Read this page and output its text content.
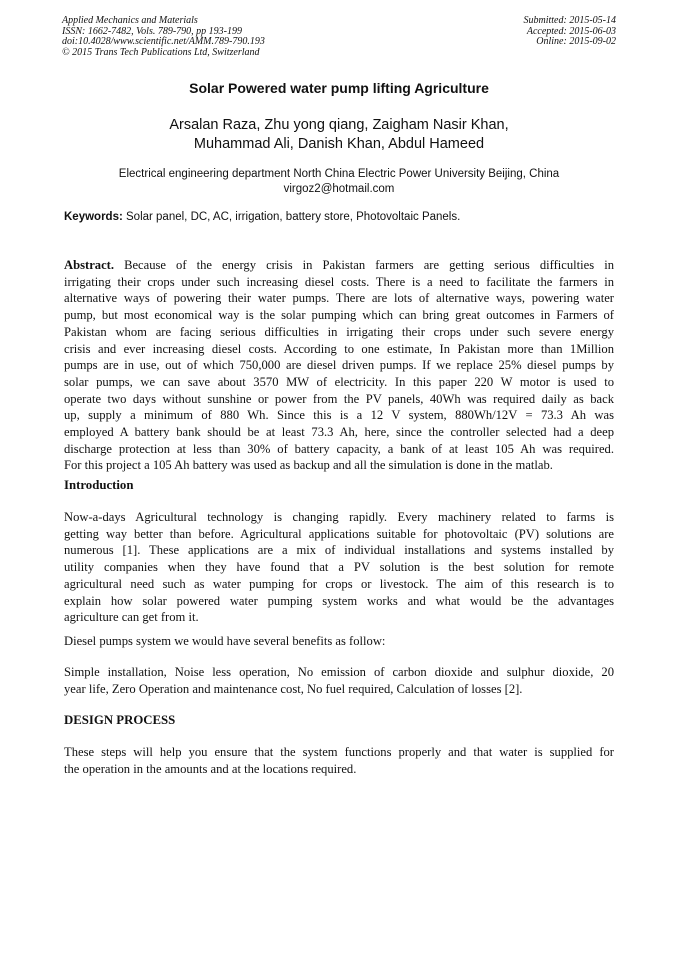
Applied Mechanics and Materials
ISSN: 1662-7482, Vols. 789-790, pp 193-199
doi:10.4028/www.scientific.net/AMM.789-790.193
© 2015 Trans Tech Publications Ltd, Switzerland
Submitted: 2015-05-14
Accepted: 2015-06-03
Online: 2015-09-02
Solar Powered water pump lifting Agriculture
Arsalan Raza, Zhu yong qiang, Zaigham Nasir Khan,
Muhammad Ali, Danish Khan, Abdul Hameed
Electrical engineering department North China Electric Power University Beijing, China
virgoz2@hotmail.com
Keywords: Solar panel, DC, AC, irrigation, battery store, Photovoltaic Panels.
Abstract. Because of the energy crisis in Pakistan farmers are getting serious difficulties in
irrigating their crops under such increasing diesel costs. There is a need to facilitate the farmers in
alternative ways of powering their water pumps. There are lots of alternative ways, powering water
pump, but most economical way is the solar pumping which can bring great outcomes in Farmers of
Pakistan whom are facing serious difficulties in irrigating their crops under such severe energy
crisis and ever increasing diesel costs. According to one estimate, In Pakistan more than 1Million
pumps are in use, out of which 750,000 are diesel driven pumps. If we replace 25% diesel pumps by
solar pumps, we can save about 3570 MW of electricity. In this paper 220 W motor is used to
operate two days without sunshine or power from the PV panels, 40Wh was required daily as back
up, supply a minimum of 880 Wh. Since this is a 12 V system, 880Wh/12V = 73.3 Ah was
employed A battery bank should be at least 73.3 Ah, here, since the controller selected had a deep
discharge protection at less than 30% of battery capacity, a bank of at least 105 Ah was required.
For this project a 105 Ah battery was used as backup and all the simulation is done in the matlab.
Introduction
Now-a-days Agricultural technology is changing rapidly. Every machinery related to farms is
getting way better than before. Agricultural applications suitable for photovoltaic (PV) solutions are
numerous [1]. These applications are a mix of individual installations and systems installed by
utility companies when they have found that a PV solution is the best solution for remote
agricultural need such as water pumping for crops or livestock. The aim of this research is to
explain how solar powered water pumping system works and what would be the advantages
agriculture can get from it.
Diesel pumps system we would have several benefits as follow:
Simple installation, Noise less operation, No emission of carbon dioxide and sulphur dioxide, 20
year life, Zero Operation and maintenance cost, No fuel required, Calculation of losses [2].
DESIGN PROCESS
These steps will help you ensure that the system functions properly and that water is supplied for
the operation in the amounts and at the locations required.
